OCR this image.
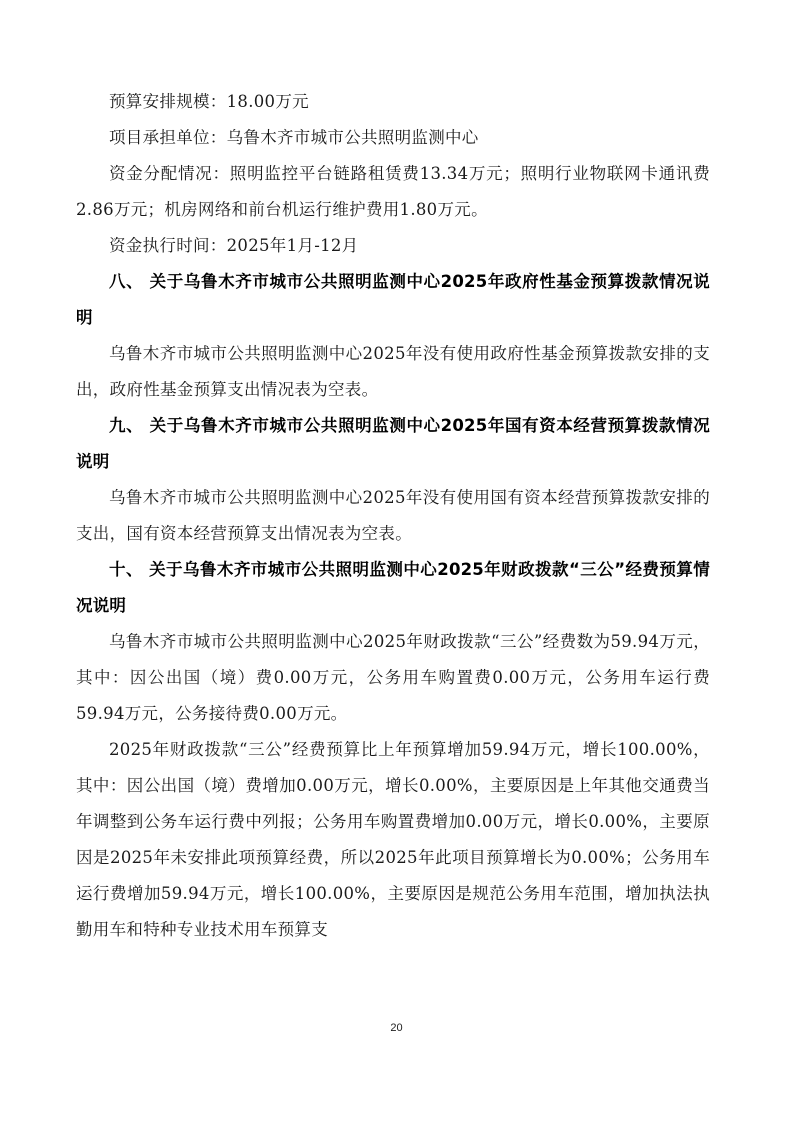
预算安排规模：18.00万元

项目承担单位：乌鲁木齐市城市公共照明监测中心

资金分配情况：照明监控平台链路租赁费13.34万元；照明行业物联网卡通讯费2.86万元；机房网络和前台机运行维护费用1.80万元。

资金执行时间：2025年1月-12月

八、 关于乌鲁木齐市城市公共照明监测中心2025年政府性基金预算拨款情况说明

乌鲁木齐市城市公共照明监测中心2025年没有使用政府性基金预算拨款安排的支出，政府性基金预算支出情况表为空表。

九、 关于乌鲁木齐市城市公共照明监测中心2025年国有资本经营预算拨款情况说明

乌鲁木齐市城市公共照明监测中心2025年没有使用国有资本经营预算拨款安排的支出，国有资本经营预算支出情况表为空表。

十、 关于乌鲁木齐市城市公共照明监测中心2025年财政拨款“三公”经费预算情况说明

乌鲁木齐市城市公共照明监测中心2025年财政拨款“三公”经费数为59.94万元，其中：因公出国（境）费0.00万元，公务用车购置费0.00万元，公务用车运行费59.94万元，公务接待费0.00万元。

2025年财政拨款“三公”经费预算比上年预算增加59.94万元，增长100.00%，其中：因公出国（境）费增加0.00万元，增长0.00%，主要原因是上年其他交通费当年调整到公务车运行费中列报；公务用车购置费增加0.00万元，增长0.00%，主要原因是2025年未安排此项预算经费，所以2025年此项目预算增长为0.00%；公务用车运行费增加59.94万元，增长100.00%，主要原因是规范公务用车范围，增加执法执勤用车和特种专业技术用车预算支

20
